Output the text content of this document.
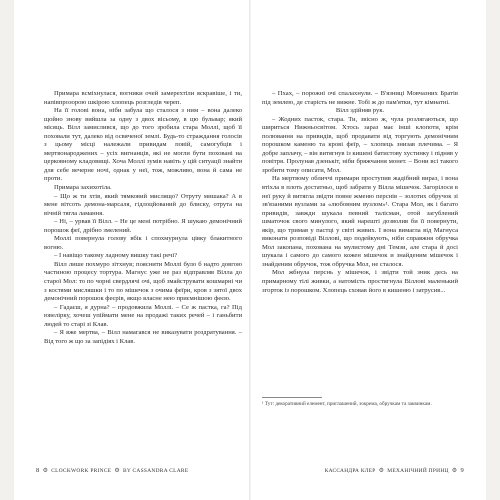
Примара всміхнулася, вогники очей замерехтіли яскравіше, і ти, напівпрозорою шкірою хлопець розгледів череп.

На її голові вона, ніби забула що сталося з ним – вона далеко щойно знову вийшла за одну з двох вісьому, в цю бульвар; який місяць. Вілл замислився, що до того зробила стара Моллі, щоб її поховали тут, далеко від освяченої землі. Будь-то страждання голосів з цьому місці належали привидам повій, самогубців і мертвонароджених – усіх вигнанців, які не могли бути поховані на церковному кладовищі. Хоча Моллі зумів навіть у цій ситуації знайти для себе вечерне ночі, однак у неї, тож, можливо, вона й сама не проти.

Примара захихотіла.

– Що ж ти хтів, який тямковий мислящо? Отруту мишака? А в мене вітсоть демона-марсаля, гідлоцйований до блиску, отрута на вічній тягла ламання.

– Ні, – урвав її Вілл. – Не це мені потрібно. Я шукаю демонічний порошок феї, дрібно змелений.

Моллі повернула голову вбік і спохмурнула цівку блакитного вогню.

– І навіщо такому ладному вишку такі речі?

Вілл лише похмуро зітхнув; пояснити Моллі було б надто довгою частиною процесу тортура. Магнус уже не раз відправляв Вілла до старої Мол: то по чорні свердлячі очі, щоб змайструвати кошмарні чи з костями мисляшки і то по мішечок з очима феїри, кров з зятої двох демонічний порошок феєрів, якщо власне нею приємнішою феєю.

– Гадаєш, я дурна? – продовжила Моллі. – Се ж пастка, га? Під ювелірку, хочеш упіймати мене на продажі таких речей – і ганьбити людей то старі зі Клав.

– Я вже мертва, – Вілл намагався не виказувати роздратування. – Від того ж що за запідіях і Клав.

– Пхах, – порожні очі спалахнули. – В'язниці Мовчазних Братів під землею, де старість не вижне. Тобі ж до пам'ятки, тут кімнатні.

Вілл здійняв рук.

– Жодних пасток, стара. Ти, звісно ж, чула розлягаються, що шириться Нижньосвітом. Хтось зараз має інші клопоти, крім полювання на привидів, щоб продавати від торгують демонічним порошком каменю та крові феїр, – хлопець знизав плечима. – Я добре заплачу, – він витягнув із кишені батистову хустинку і підняв у повітря. Пролунав дзенькіт, ніби бряжчання монет. – Вони всі такого зробити тому описати, Мол.

На мертвому обличчі примари проступив жадібний вираз, і вона втіхла в плоть достатньо, щоб забрати у Вілла мішечок. Загорілося в неї руку й витягла звідти повне жменю перснів – золотих обручок зі зв'язаними вузлами за «любовним вузлом»¹. Стара Мол, як і багато привидів, завжди шукала певний талісман, отой загублений шматочок свого минулого, який нарешті дозволив би її повернути, якір, що тримав у пастці у світі живих. І вона вимагла від Магнуса виконати розповіді Віллові, що подейкують, ніби справжня обручка Мол закопана, похована на мулистому дні Темзи, але стара й досі шукала і самого до самого кожен мішечок и знайденим мішечок і знайденим обручок, тож обручка Мол, не сталося.

Мол жбнула перснь у мішечок, і звідти той зник десь на примарному тілі живки, а натомість простягнула Віллові маленький згорток із порошком. Хлопець сховав його в кишеню і затрусив...

¹ Тут: декоративний елемент, приглашений, зокрема, обручкам та заквинкам.
8 ⚙ CLOCKWORK PRINCE ⚙ BY CASSANDRA CLARE	КАССАНДРА КЛЕР ⚙ МЕХАНІЧНИЙ ПРИНЦ ⚙ 9
